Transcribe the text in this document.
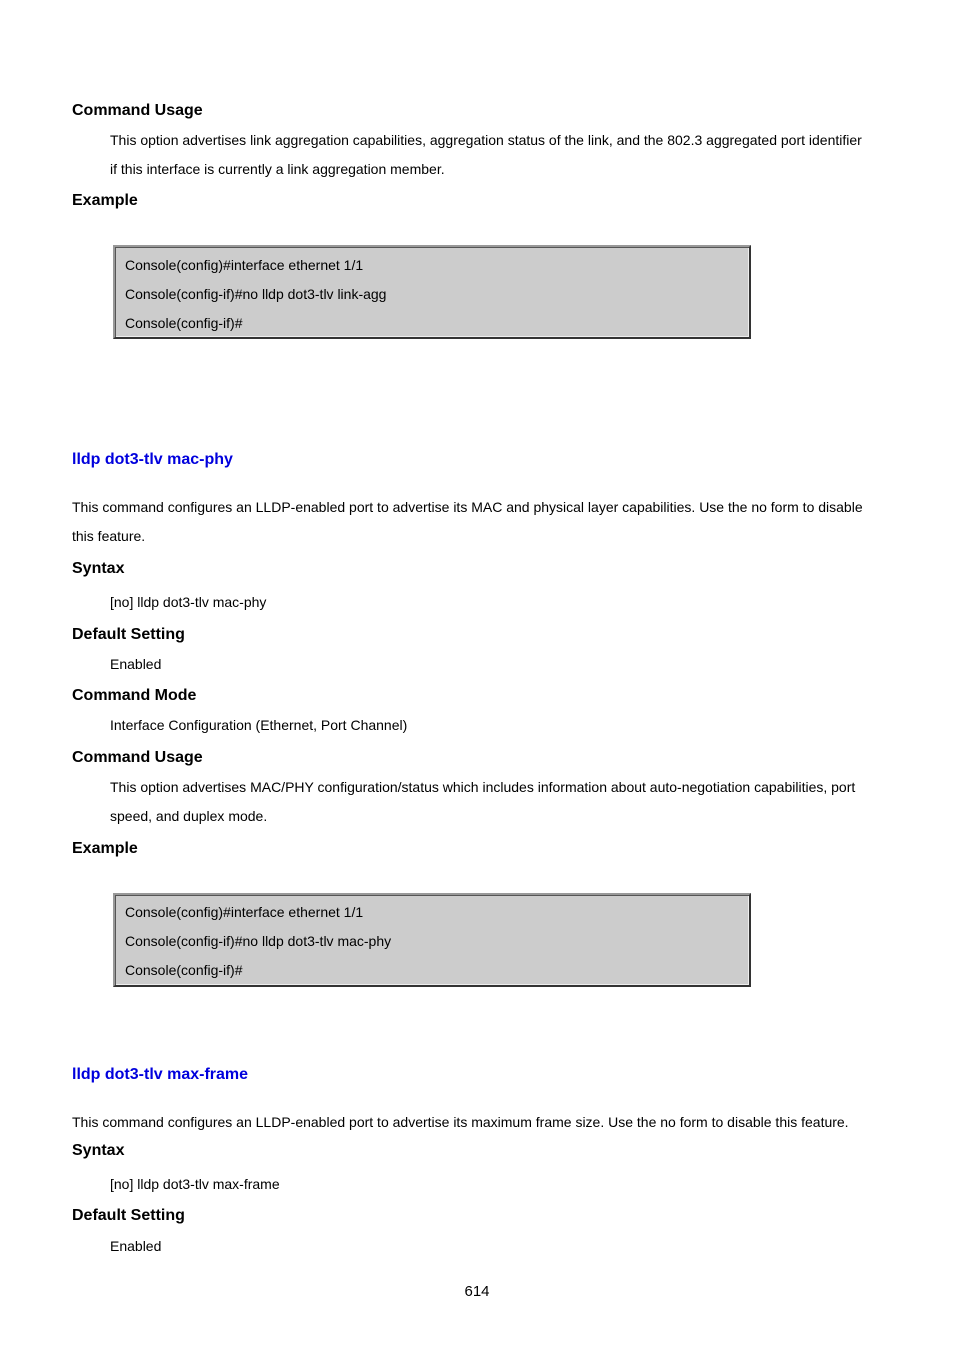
Command Usage
This option advertises link aggregation capabilities, aggregation status of the link, and the 802.3 aggregated port identifier
if this interface is currently a link aggregation member.
Example
Console(config)#interface ethernet 1/1
Console(config-if)#no lldp dot3-tlv link-agg
Console(config-if)#
lldp dot3-tlv mac-phy
This command configures an LLDP-enabled port to advertise its MAC and physical layer capabilities. Use the no form to disable
this feature.
Syntax
[no] lldp dot3-tlv mac-phy
Default Setting
Enabled
Command Mode
Interface Configuration (Ethernet, Port Channel)
Command Usage
This option advertises MAC/PHY configuration/status which includes information about auto-negotiation capabilities, port
speed, and duplex mode.
Example
Console(config)#interface ethernet 1/1
Console(config-if)#no lldp dot3-tlv mac-phy
Console(config-if)#
lldp dot3-tlv max-frame
This command configures an LLDP-enabled port to advertise its maximum frame size. Use the no form to disable this feature.
Syntax
[no] lldp dot3-tlv max-frame
Default Setting
Enabled
614
